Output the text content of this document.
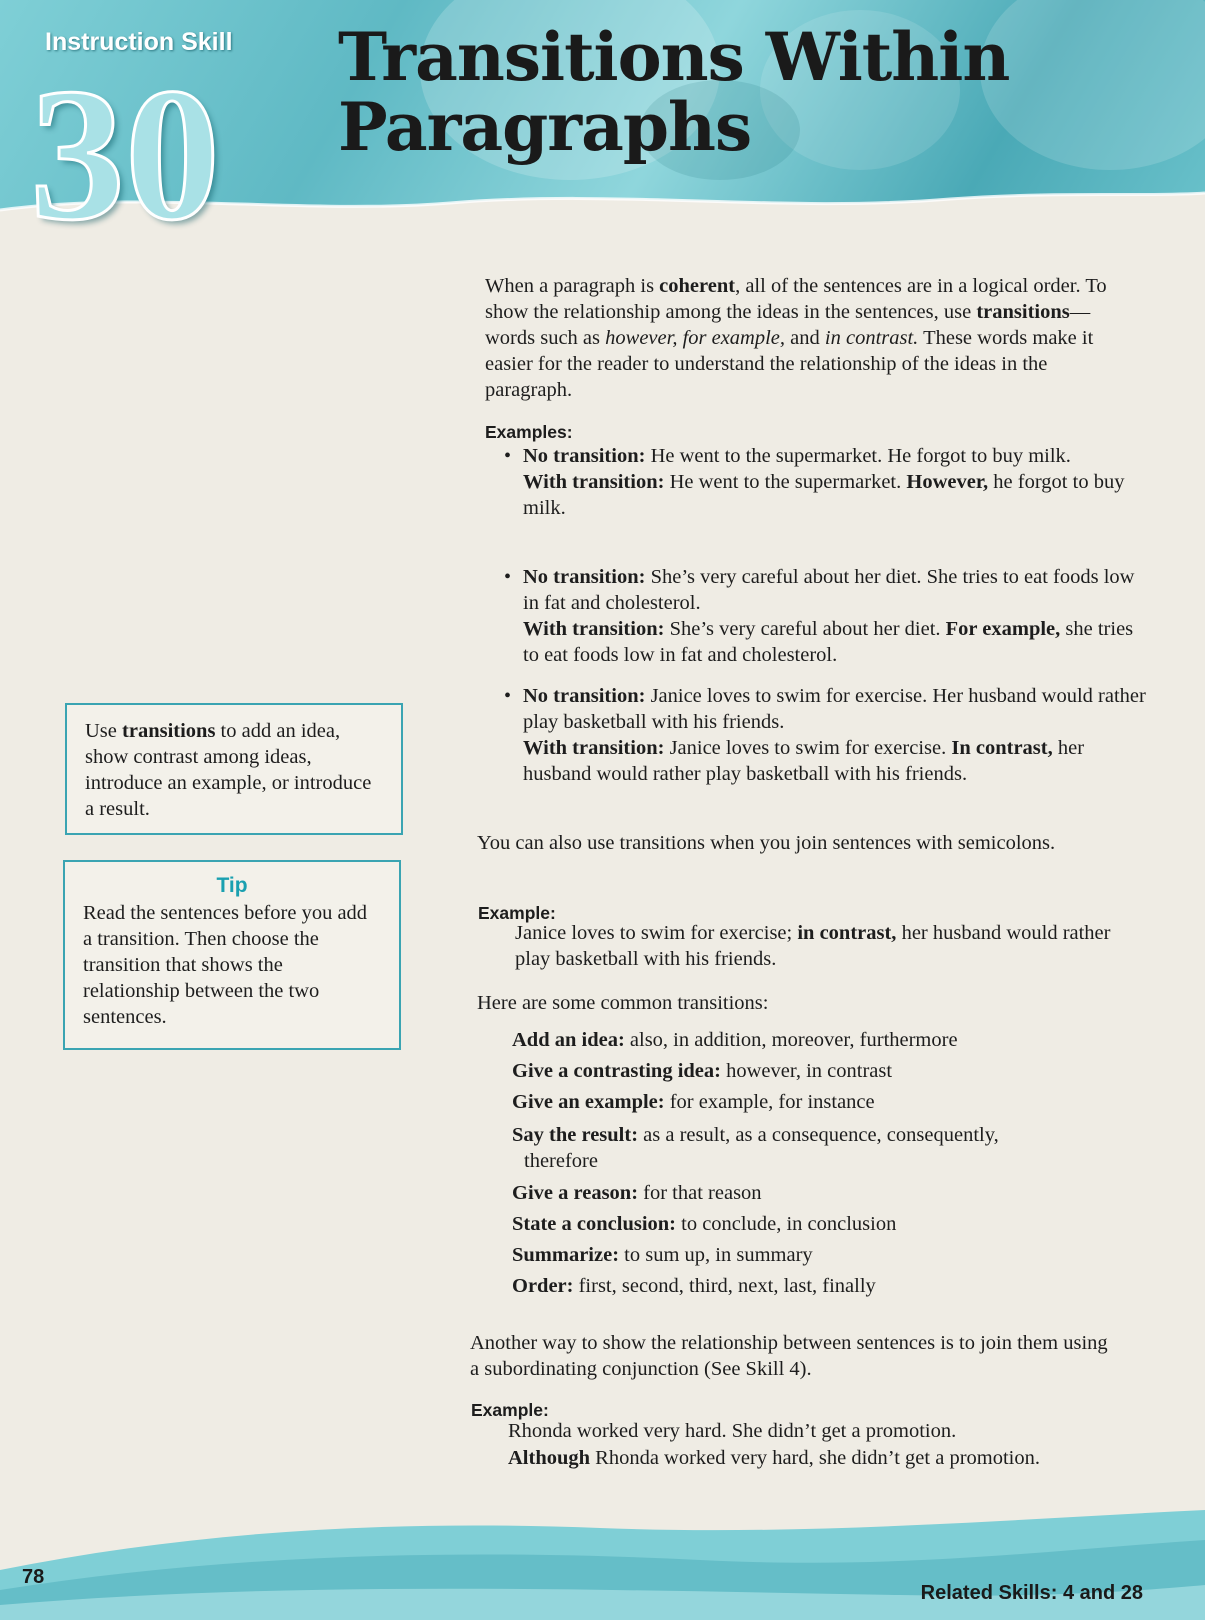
Instruction Skill
30 Transitions Within
Paragraphs
When a paragraph is coherent, all of the sentences are in a logical order. To show the relationship among the ideas in the sentences, use transitions—words such as however, for example, and in contrast. These words make it easier for the reader to understand the relationship of the ideas in the paragraph.
Examples:
• No transition: He went to the supermarket. He forgot to buy milk.
With transition: He went to the supermarket. However, he forgot to buy milk.
• No transition: She’s very careful about her diet. She tries to eat foods low in fat and cholesterol.
With transition: She’s very careful about her diet. For example, she tries to eat foods low in fat and cholesterol.
• No transition: Janice loves to swim for exercise. Her husband would rather play basketball with his friends.
With transition: Janice loves to swim for exercise. In contrast, her husband would rather play basketball with his friends.
You can also use transitions when you join sentences with semicolons.
Example:
Janice loves to swim for exercise; in contrast, her husband would rather play basketball with his friends.
Here are some common transitions:
Add an idea: also, in addition, moreover, furthermore
Give a contrasting idea: however, in contrast
Give an example: for example, for instance
Say the result: as a result, as a consequence, consequently,
therefore
Give a reason: for that reason
State a conclusion: to conclude, in conclusion
Summarize: to sum up, in summary
Order: first, second, third, next, last, finally
Another way to show the relationship between sentences is to join them using a subordinating conjunction (See Skill 4).
Example:
Rhonda worked very hard. She didn’t get a promotion.
Although Rhonda worked very hard, she didn’t get a promotion.
Use transitions to add an idea, show contrast among ideas, introduce an example, or introduce a result.
Tip
Read the sentences before you add a transition. Then choose the transition that shows the relationship between the two sentences.
78
Related Skills: 4 and 28
